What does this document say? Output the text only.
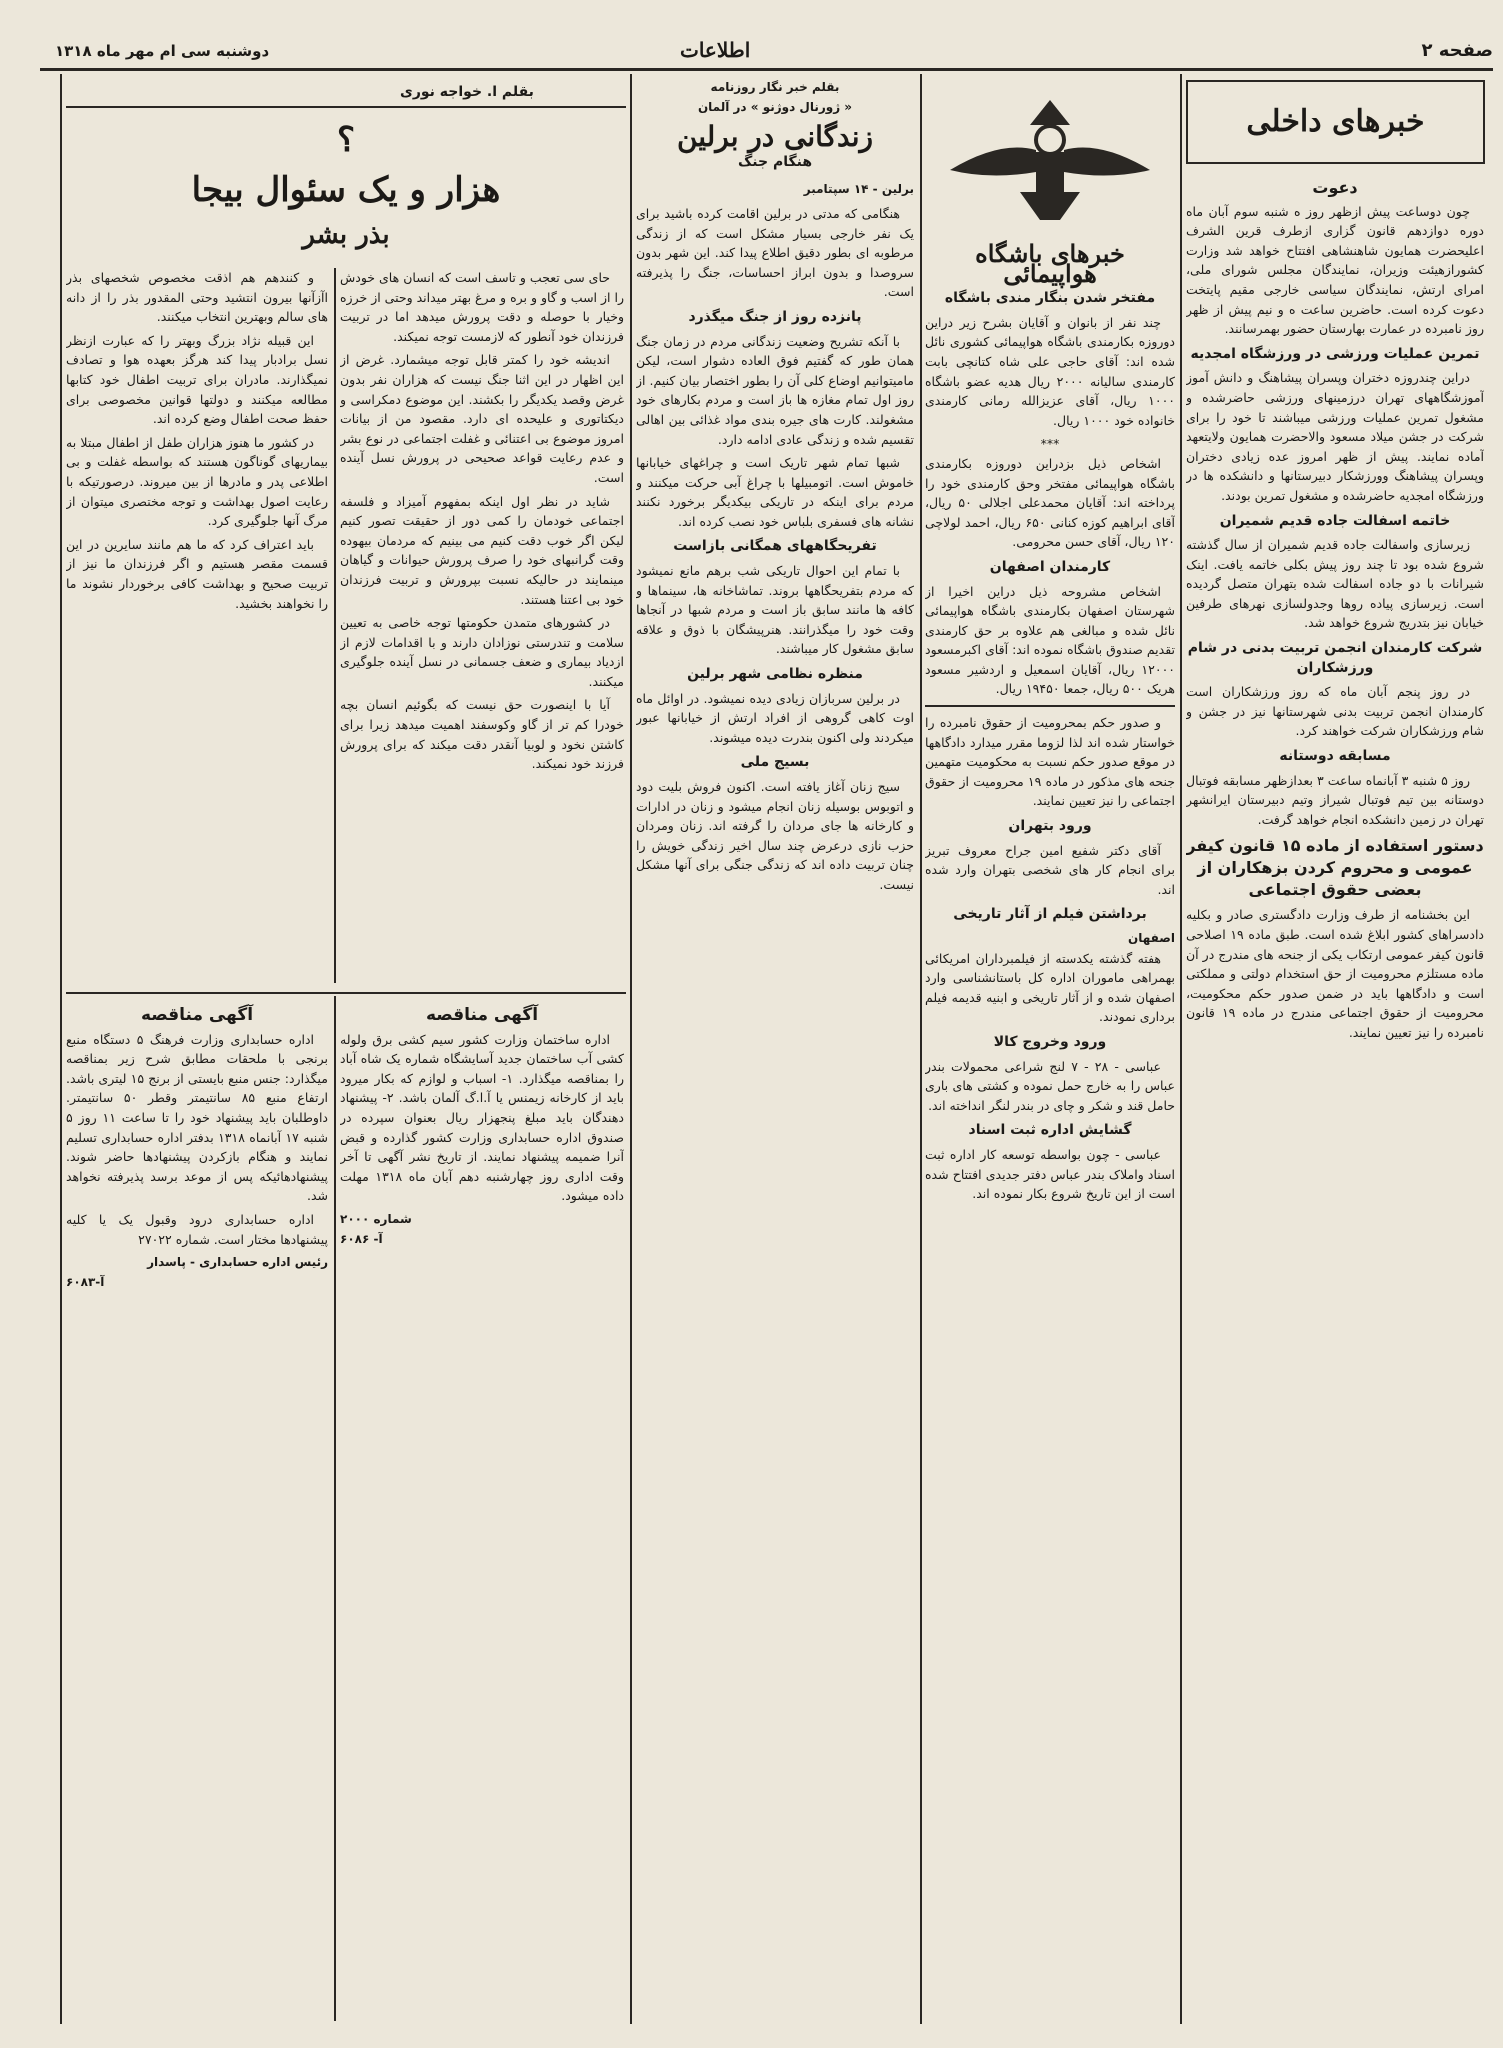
صفحه ۲
اطلاعات
دوشنبه سی ام مهر ماه ۱۳۱۸
خبرهای داخلی
دعوت

چون دوساعت پیش ازظهر روز ه شنبه سوم آبان ماه دوره دوازدهم قانون گزاری ازطرف قرین الشرف اعلیحضرت همایون شاهنشاهی افتتاح خواهد شد وزارت کشورازهیئت وزیران، نمایندگان مجلس شورای ملی، امرای ارتش، نمایندگان سیاسی خارجی مقیم پایتخت دعوت کرده است. حاضرین ساعت ه و نیم پیش از ظهر روز نامبرده در عمارت بهارستان حضور بهمرسانند.

تمرین عملیات ورزشی در ورزشگاه امجدیه

دراین چندروزه دختران وپسران پیشاهنگ و دانش آموز آموزشگاههای تهران درزمینهای ورزشی حاضرشده و مشغول تمرین عملیات ورزشی میباشند تا خود را برای شرکت در جشن میلاد مسعود والاحضرت همایون ولایتعهد آماده نمایند. پیش از ظهر امروز عده زیادی دختران وپسران پیشاهنگ وورزشکار دبیرستانها و دانشکده ها در ورزشگاه امجدیه حاضرشده و مشغول تمرین بودند.

خاتمه اسفالت جاده قدیم شمیران

زیرسازی واسفالت جاده قدیم شمیران از سال گذشته شروع شده بود تا چند روز پیش بکلی خاتمه یافت. اینک شیرانات با دو جاده اسفالت شده بتهران متصل گردیده است. زیرسازی پیاده روها وجدولسازی نهرهای طرفین خیابان نیز بتدریج شروع خواهد شد.

شرکت کارمندان انجمن تربیت بدنی در شام ورزشکاران

در روز پنجم آبان ماه که روز ورزشکاران است کارمندان انجمن تربیت بدنی شهرستانها نیز در جشن و شام ورزشکاران شرکت خواهند کرد.

مسابقه دوستانه

روز ۵ شنبه ۳ آبانماه ساعت ۳ بعدازظهر مسابقه فوتبال دوستانه بین تیم فوتبال شیراز وتیم دبیرستان ایرانشهر تهران در زمین دانشکده انجام خواهد گرفت.

دستور استفاده از ماده ۱۵ قانون کیفر عمومی و محروم کردن بزهکاران از بعضی حقوق اجتماعی

این بخشنامه از طرف وزارت دادگستری صادر و بکلیه دادسراهای کشور ابلاغ شده است. طبق ماده ۱۹ اصلاحی قانون کیفر عمومی ارتکاب یکی از جنحه های مندرج در آن ماده مستلزم محرومیت از حق استخدام دولتی و مملکتی است و دادگاهها باید در ضمن صدور حکم محکومیت، محرومیت از حقوق اجتماعی مندرج در ماده ۱۹ قانون نامبرده را نیز تعیین نمایند.

خبرهای باشگاه هواپیمائی
مفتخر شدن بنگار مندی باشگاه

چند نفر از بانوان و آقایان بشرح زیر دراین دوروزه بکارمندی باشگاه هواپیمائی کشوری نائل شده اند: آقای حاجی علی شاه کتانچی بابت کارمندی سالیانه ۲۰۰۰ ریال هدیه عضو باشگاه ۱۰۰۰ ریال، آقای عزیزالله رمانی کارمندی خانواده خود ۱۰۰۰ ریال.

***

اشخاص ذیل بزدراین دوروزه بکارمندی باشگاه هواپیمائی مفتخر وحق کارمندی خود را پرداخته اند: آقایان محمدعلی اجلالی ۵۰ ریال، آقای ابراهیم کوزه کنانی ۶۵۰ ریال، احمد لولاچی ۱۲۰ ریال، آقای حسن محرومی.

کارمندان اصفهان

اشخاص مشروحه ذیل دراین اخیرا از شهرستان اصفهان بکارمندی باشگاه هواپیمائی نائل شده و مبالغی هم علاوه بر حق کارمندی تقدیم صندوق باشگاه نموده اند: آقای اکبرمسعود ۱۲۰۰۰ ریال، آقایان اسمعیل و اردشیر مسعود هریک ۵۰۰ ریال، جمعا ۱۹۴۵۰ ریال.

و صدور حکم بمحرومیت از حقوق نامبرده را خواستار شده اند لذا لزوما مقرر میدارد دادگاهها در موقع صدور حکم نسبت به محکومیت متهمین جنحه های مذکور در ماده ۱۹ محرومیت از حقوق اجتماعی را نیز تعیین نمایند.

ورود بتهران

آقای دکتر شفیع امین جراح معروف تبریز برای انجام کار های شخصی بتهران وارد شده اند.

برداشتن فیلم از آثار تاریخی
اصفهان

هفته گذشته یکدسته از فیلمبرداران امریکائی بهمراهی ماموران اداره کل باستانشناسی وارد اصفهان شده و از آثار تاریخی و ابنیه قدیمه فیلم برداری نمودند.

ورود وخروج کالا

عباسی - ۲۸ - ۷ لنج شراعی محمولات بندر عباس را به خارج حمل نموده و کشتی های باری حامل قند و شکر و چای در بندر لنگر انداخته اند.

گشایش اداره ثبت اسناد

عباسی - چون بواسطه توسعه کار اداره ثبت اسناد واملاک بندر عباس دفتر جدیدی افتتاح شده است از این تاریخ شروع بکار نموده اند.

بقلم خبر نگار روزنامه
« ژورنال دوژنو » در آلمان
زندگانی در برلین
هنگام جنگ
برلین - ۱۴ سپتامبر

هنگامی که مدتی در برلین اقامت کرده باشید برای یک نفر خارجی بسیار مشکل است که از زندگی مرطوبه ای بطور دقیق اطلاع پیدا کند. این شهر بدون سروصدا و بدون ابراز احساسات، جنگ را پذیرفته است.

پانزده روز از جنگ میگذرد

با آنکه تشریح وضعیت زندگانی مردم در زمان جنگ همان طور که گفتیم فوق العاده دشوار است، لیکن مامیتوانیم اوضاع کلی آن را بطور اختصار بیان کنیم. از روز اول تمام مغازه ها باز است و مردم بکارهای خود مشغولند. کارت های جیره بندی مواد غذائی بین اهالی تقسیم شده و زندگی عادی ادامه دارد.

شبها تمام شهر تاریک است و چراغهای خیابانها خاموش است. اتومبیلها با چراغ آبی حرکت میکنند و مردم برای اینکه در تاریکی بیکدیگر برخورد نکنند نشانه های فسفری بلباس خود نصب کرده اند.

تفریحگاههای همگانی بازاست

با تمام این احوال تاریکی شب برهم مانع نمیشود که مردم بتفریحگاهها بروند. تماشاخانه ها، سینماها و کافه ها مانند سابق باز است و مردم شبها در آنجاها وقت خود را میگذرانند. هنرپیشگان با ذوق و علاقه سابق مشغول کار میباشند.

منظره نظامی شهر برلین

در برلین سربازان زیادی دیده نمیشود. در اوائل ماه اوت کاهی گروهی از افراد ارتش از خیابانها عبور میکردند ولی اکنون بندرت دیده میشوند.

بسیج ملی

سیج زنان آغاز یافته است. اکنون فروش بلیت دود و اتوبوس بوسیله زنان انجام میشود و زنان در ادارات و کارخانه ها جای مردان را گرفته اند. زنان ومردان حزب نازی درعرض چند سال اخیر زندگی خویش را چنان تربیت داده اند که زندگی جنگی برای آنها مشکل نیست.

بقلم ا. خواجه نوری
؟
هزار و یک سئوال بیجا
بذر بشر

حای سی تعجب و تاسف است که انسان های خودش را از اسب و گاو و بره و مرغ بهتر میداند وحتی از خرزه وخیار با حوصله و دقت پرورش میدهد اما در تربیت فرزندان خود آنطور که لازمست توجه نمیکند.

اندیشه خود را کمتر قابل توجه میشمارد. غرض از این اظهار در این اثنا جنگ نیست که هزاران نفر بدون غرض وقصد یکدیگر را بکشند. این موضوع دمکراسی و دیکتاتوری و علیحده ای دارد. مقصود من از بیانات امروز موضوع بی اعتنائی و غفلت اجتماعی در نوع بشر و عدم رعایت قواعد صحیحی در پرورش نسل آینده است.

شاید در نظر اول اینکه بمفهوم آمیزاد و فلسفه اجتماعی خودمان را کمی دور از حقیقت تصور کنیم لیکن اگر خوب دقت کنیم می بینیم که مردمان بیهوده وقت گرانبهای خود را صرف پرورش حیوانات و گیاهان مینمایند در حالیکه نسبت بپرورش و تربیت فرزندان خود بی اعتنا هستند.

در کشورهای متمدن حکومتها توجه خاصی به تعیین سلامت و تندرستی نوزادان دارند و با اقدامات لازم از ازدیاد بیماری و ضعف جسمانی در نسل آینده جلوگیری میکنند.

آیا با اینصورت حق نیست که بگوئیم انسان بچه خودرا کم تر از گاو وکوسفند اهمیت میدهد زیرا برای کاشتن نخود و لوبیا آنقدر دقت میکند که برای پرورش فرزند خود نمیکند.

و کنندهم هم اذقت مخصوص شخصهای بذر اآزآنها بیرون انتشید وحتی المقدور بذر را از دانه های سالم وبهترین انتخاب میکنند.

این قبیله نژاد بزرگ وبهتر را که عبارت ازنظر نسل برادبار پیدا کند هرگز بعهده هوا و تصادف نمیگذارند. مادران برای تربیت اطفال خود کتابها مطالعه میکنند و دولتها قوانین مخصوصی برای حفظ صحت اطفال وضع کرده اند.

در کشور ما هنوز هزاران طفل از اطفال مبتلا به بیماریهای گوناگون هستند که بواسطه غفلت و بی اطلاعی پدر و مادرها از بین میروند. درصورتیکه با رعایت اصول بهداشت و توجه مختصری میتوان از مرگ آنها جلوگیری کرد.

باید اعتراف کرد که ما هم مانند سایرین در این قسمت مقصر هستیم و اگر فرزندان ما نیز از تربیت صحیح و بهداشت کافی برخوردار نشوند ما را نخواهند بخشید.

آگهی مناقصه

اداره ساختمان وزارت کشور سیم کشی برق ولوله کشی آب ساختمان جدید آسایشگاه شماره یک شاه آباد را بمناقصه میگذارد. ۱- اسباب و لوازم که بکار میرود باید از کارخانه زیمنس یا آ.ا.گ آلمان باشد. ۲- پیشنهاد دهندگان باید مبلغ پنجهزار ریال بعنوان سپرده در صندوق اداره حسابداری وزارت کشور گذارده و قبض آنرا ضمیمه پیشنهاد نمایند. از تاریخ نشر آگهی تا آخر وقت اداری روز چهارشنبه دهم آبان ماه ۱۳۱۸ مهلت داده میشود.

شماره ۲۰۰۰
آ- ۶۰۸۶
آگهی مناقصه

اداره حسابداری وزارت فرهنگ ۵ دستگاه منبع برنجی با ملحقات مطابق شرح زیر بمناقصه میگذارد: جنس منبع بایستی از برنج ۱۵ لیتری باشد. ارتفاع منبع ۸۵ سانتیمتر وقطر ۵۰ سانتیمتر. داوطلبان باید پیشنهاد خود را تا ساعت ۱۱ روز ۵ شنبه ۱۷ آبانماه ۱۳۱۸ بدفتر اداره حسابداری تسلیم نمایند و هنگام بازکردن پیشنهادها حاضر شوند. پیشنهادهائیکه پس از موعد برسد پذیرفته نخواهد شد.

اداره حسابداری درود وقبول یک یا کلیه پیشنهادها مختار است. شماره ۲۷۰۲۲

رئیس اداره حسابداری - پاسدار
آ-۶۰۸۳
